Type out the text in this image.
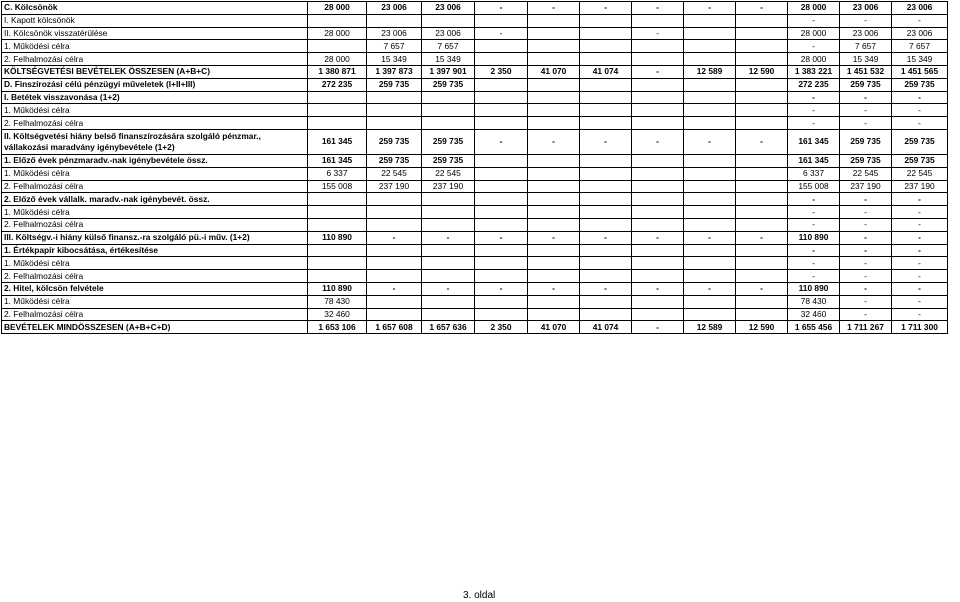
C. Kölcsönök	28 000	23 006	23 006	-	-	-	-	-	-	28 000	23 006	23 006
I. Kapott kölcsönök										-	-	-
II. Kölcsönök visszatérülése	28 000	23 006	23 006	-			-			28 000	23 006	23 006
1. Működési célra		7 657	7 657							-	7 657	7 657
2. Felhalmozási célra	28 000	15 349	15 349							28 000	15 349	15 349
KÖLTSÉGVETÉSI BEVÉTELEK ÖSSZESEN (A+B+C)	1 380 871	1 397 873	1 397 901	2 350	41 070	41 074	-	12 589	12 590	1 383 221	1 451 532	1 451 565
D. Finszírozási célú pénzügyi műveletek (I+II+III)	272 235	259 735	259 735							272 235	259 735	259 735
I. Betétek visszavonása (1+2)										-	-	-
1. Működési célra										-	-	-
2. Felhalmozási célra										-	-	-
II. Költségvetési hiány belső finanszírozására szolgáló pénzmar., vállakozási maradvány igénybevétele (1+2)	161 345	259 735	259 735	-	-	-	-	-	-	161 345	259 735	259 735
1. Előző évek pénzmaradv.-nak igénybevétele össz.	161 345	259 735	259 735							161 345	259 735	259 735
1. Működési célra	6 337	22 545	22 545							6 337	22 545	22 545
2. Felhalmozási célra	155 008	237 190	237 190							155 008	237 190	237 190
2. Előző évek vállalk. maradv.-nak igénybevét. össz.										-	-	-
1. Működési célra										-	-	-
2. Felhalmozási célra										-	-	-
III. Költségv.-i hiány külső finansz.-ra szolgáló pü.-i műv. (1+2)	110 890	-	-	-	-	-	-	-	-	110 890	-	-
1. Értékpapír kibocsátása, értékesítése										-	-	-
1. Működési célra										-	-	-
2. Felhalmozási célra										-	-	-
2. Hitel, kölcsön felvétele	110 890	-	-	-	-	-	-	-	-	110 890	-	-
1. Működési célra	78 430									78 430	-	-
2. Felhalmozási célra	32 460									32 460	-	-
BEVÉTELEK MINDÖSSZESEN (A+B+C+D)	1 653 106	1 657 608	1 657 636	2 350	41 070	41 074	-	12 589	12 590	1 655 456	1 711 267	1 711 300
3. oldal
